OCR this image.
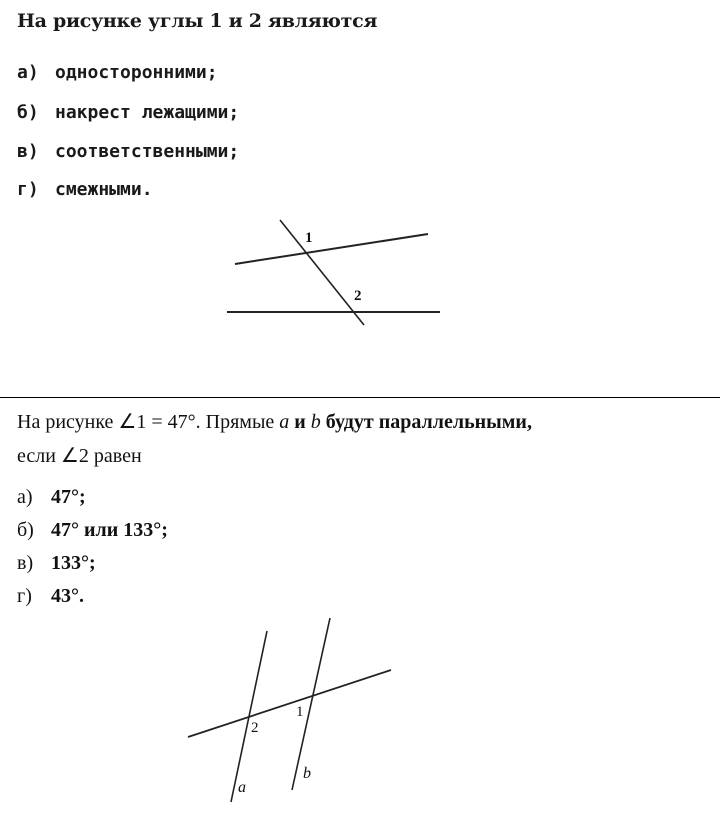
На рисунке углы 1 и 2 являются
а) односторонними;
б) накрест лежащими;
в) соответственными;
г) смежными.
1
2
На рисунке ∠1 = 47°. Прямые a и b будут параллельными,
если ∠2 равен
а) 47°;
б) 47° или 133°;
в) 133°;
г) 43°.
1
2
a
b
